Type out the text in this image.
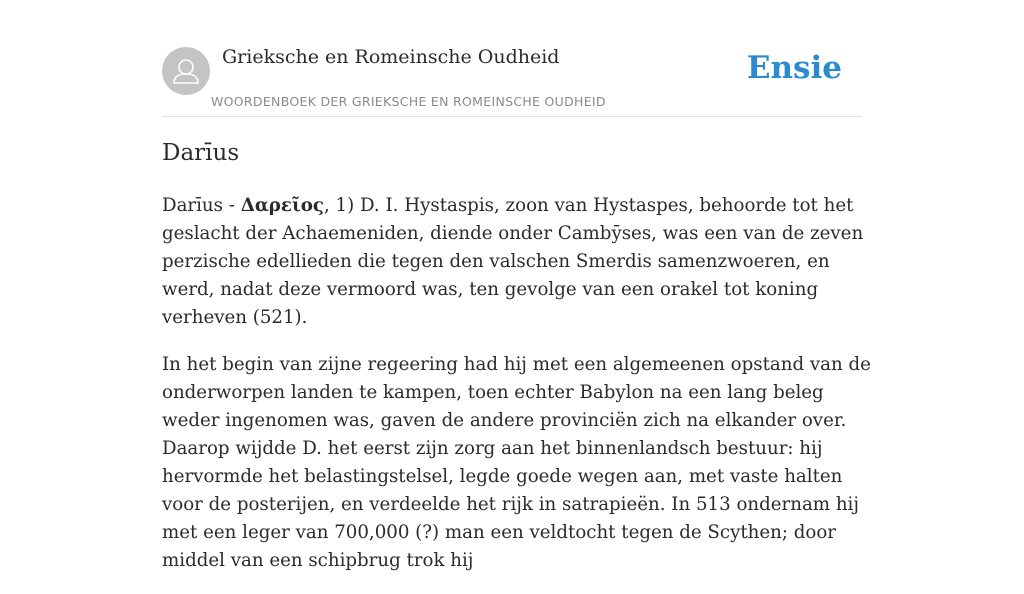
Grieksche en Romeinsche Oudheid
WOORDENBOEK DER GRIEKSCHE EN ROMEINSCHE OUDHEID
Ensie
Darīus

Darīus - Δαρεῖος, 1) D. I. Hystaspis, zoon van Hystaspes, behoorde tot het geslacht der Achaemeniden, diende onder Cambȳses, was een van de zeven perzische edellieden die tegen den valschen Smerdis samenzwoeren, en werd, nadat deze vermoord was, ten gevolge van een orakel tot koning verheven (521).

In het begin van zijne regeering had hij met een algemeenen opstand van de onderworpen landen te kampen, toen echter Babylon na een lang beleg weder ingenomen was, gaven de andere provinciën zich na elkander over. Daarop wijdde D. het eerst zijn zorg aan het binnenlandsch bestuur: hij hervormde het belastingstelsel, legde goede wegen aan, met vaste halten voor de posterijen, en verdeelde het rijk in satrapieën. In 513 ondernam hij met een leger van 700,000 (?) man een veldtocht tegen de Scythen; door middel van een schipbrug trok hij
